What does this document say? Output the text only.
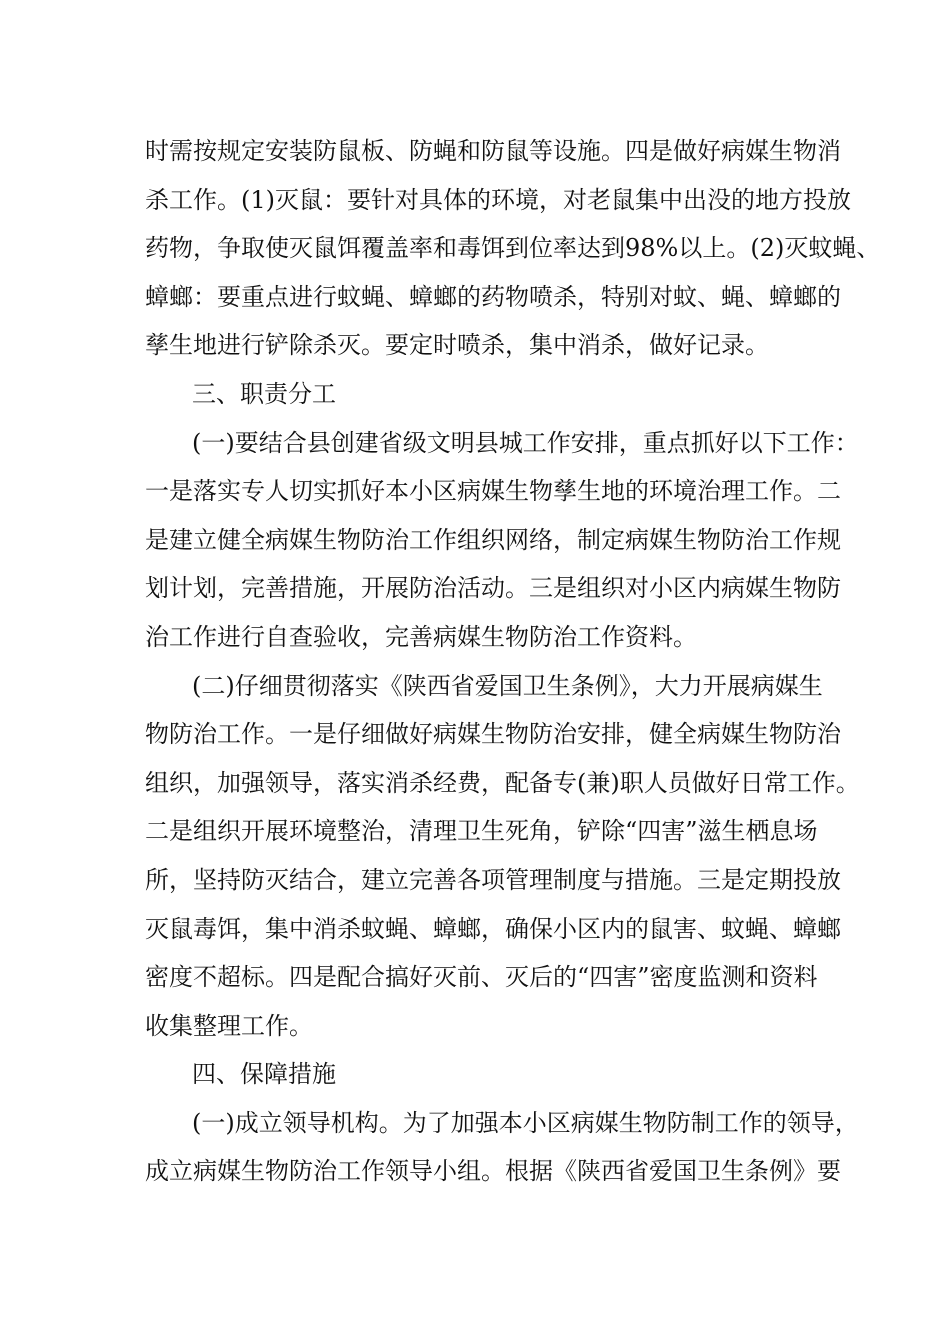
时需按规定安装防鼠板、防蝇和防鼠等设施。四是做好病媒生物消
杀工作。(1)灭鼠：要针对具体的环境，对老鼠集中出没的地方投放
药物，争取使灭鼠饵覆盖率和毒饵到位率达到98%以上。(2)灭蚊蝇、
蟑螂：要重点进行蚊蝇、蟑螂的药物喷杀，特别对蚊、蝇、蟑螂的
孳生地进行铲除杀灭。要定时喷杀，集中消杀，做好记录。
三、职责分工
(一)要结合县创建省级文明县城工作安排，重点抓好以下工作：
一是落实专人切实抓好本小区病媒生物孳生地的环境治理工作。二
是建立健全病媒生物防治工作组织网络，制定病媒生物防治工作规
划计划，完善措施，开展防治活动。三是组织对小区内病媒生物防
治工作进行自查验收，完善病媒生物防治工作资料。
(二)仔细贯彻落实《陕西省爱国卫生条例》，大力开展病媒生
物防治工作。一是仔细做好病媒生物防治安排，健全病媒生物防治
组织，加强领导，落实消杀经费，配备专(兼)职人员做好日常工作。
二是组织开展环境整治，清理卫生死角，铲除“四害”滋生栖息场
所，坚持防灭结合，建立完善各项管理制度与措施。三是定期投放
灭鼠毒饵，集中消杀蚊蝇、蟑螂，确保小区内的鼠害、蚊蝇、蟑螂
密度不超标。四是配合搞好灭前、灭后的“四害”密度监测和资料
收集整理工作。
四、保障措施
(一)成立领导机构。为了加强本小区病媒生物防制工作的领导，
成立病媒生物防治工作领导小组。根据《陕西省爱国卫生条例》要
